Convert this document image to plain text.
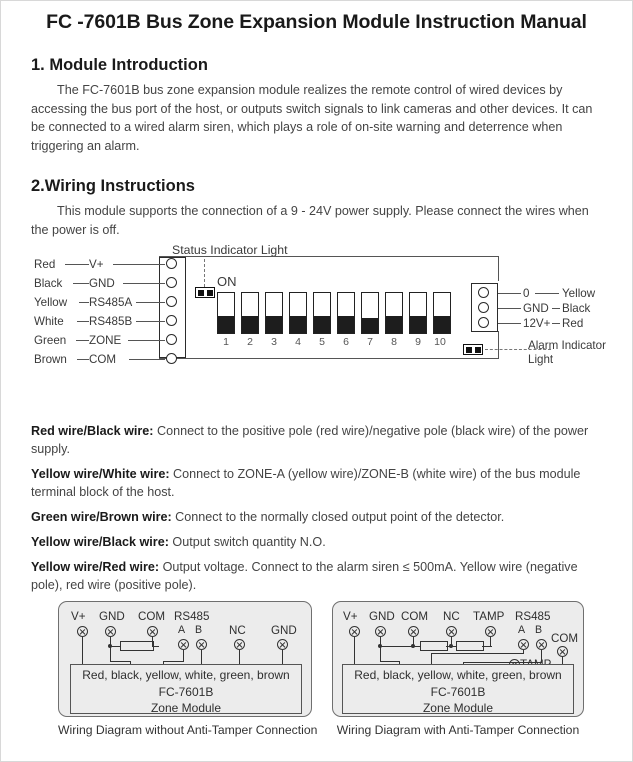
FC -7601B Bus Zone Expansion Module Instruction Manual
1. Module Introduction

The FC-7601B bus zone expansion module realizes the remote control of wired devices by accessing the bus port of the host, or outputs switch signals to link cameras and other devices. It can be connected to a wired alarm siren, which plays a role of on-site warning and deterrence when triggering an alarm.

2.Wiring Instructions

This module supports the connection of a 9 - 24V power supply. Please connect the wires when the power is off.

Status Indicator Light
Red	V+
Black GND
Yellow RS485A
White RS485B
Green ZONE
Brown COM
ON
1	2	3	4	5	6	7	8	9	10
0	Yellow
GND Black
12V+ Red
Alarm Indicator
Light
Red wire/Black wire: Connect to the positive pole (red wire)/negative pole (black wire) of the power supply.
Yellow wire/White wire: Connect to ZONE-A (yellow wire)/ZONE-B (white wire) of the bus module terminal block of the host.
Green wire/Brown wire: Connect to the normally closed output point of the detector.
Yellow wire/Black wire: Output switch quantity N.O.
Yellow wire/Red wire: Output voltage. Connect to the alarm siren ≤ 500mA. Yellow wire (negative pole), red wire (positive pole).
V+ GND COM RS485
A B NC GND
Red, black, yellow, white, green, brown
FC-7601B
Zone Module
Wiring Diagram without Anti-Tamper Connection
V+ GND COM NC TAMP RS485
A B
COM
Red, black, yellow, white, green, brown
FC-7601B
Zone Module
Wiring Diagram with Anti-Tamper Connection
